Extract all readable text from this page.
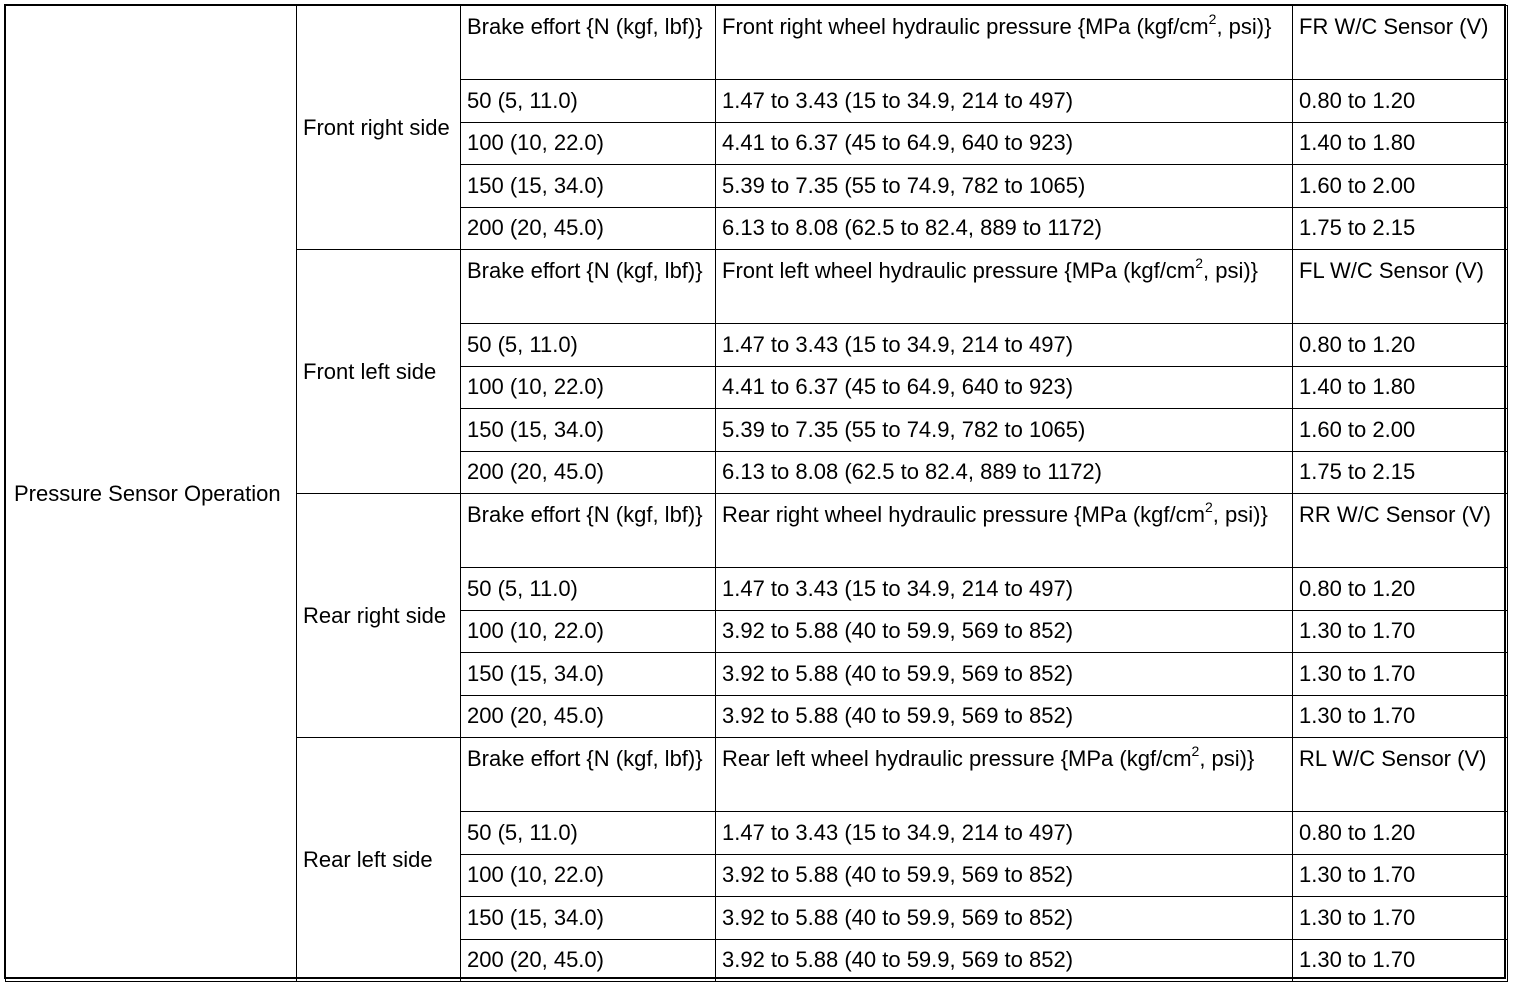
Pressure Sensor Operation	Front right side	Brake effort {N (kgf, lbf)}	Front right wheel hydraulic pressure {MPa ($kgf/cm^2$, psi)}	FR W/C Sensor (V)
		50 (5, 11.0)	1.47 to 3.43 (15 to 34.9, 214 to 497)	0.80 to 1.20
		100 (10, 22.0)	4.41 to 6.37 (45 to 64.9, 640 to 923)	1.40 to 1.80
		150 (15, 34.0)	5.39 to 7.35 (55 to 74.9, 782 to 1065)	1.60 to 2.00
		200 (20, 45.0)	6.13 to 8.08 (62.5 to 82.4, 889 to 1172)	1.75 to 2.15
	Front left side	Brake effort {N (kgf, lbf)}	Front left wheel hydraulic pressure {MPa ($kgf/cm^2$, psi)}	FL W/C Sensor (V)
		50 (5, 11.0)	1.47 to 3.43 (15 to 34.9, 214 to 497)	0.80 to 1.20
		100 (10, 22.0)	4.41 to 6.37 (45 to 64.9, 640 to 923)	1.40 to 1.80
		150 (15, 34.0)	5.39 to 7.35 (55 to 74.9, 782 to 1065)	1.60 to 2.00
		200 (20, 45.0)	6.13 to 8.08 (62.5 to 82.4, 889 to 1172)	1.75 to 2.15
	Rear right side	Brake effort {N (kgf, lbf)}	Rear right wheel hydraulic pressure {MPa ($kgf/cm^2$, psi)}	RR W/C Sensor (V)
		50 (5, 11.0)	1.47 to 3.43 (15 to 34.9, 214 to 497)	0.80 to 1.20
		100 (10, 22.0)	3.92 to 5.88 (40 to 59.9, 569 to 852)	1.30 to 1.70
		150 (15, 34.0)	3.92 to 5.88 (40 to 59.9, 569 to 852)	1.30 to 1.70
		200 (20, 45.0)	3.92 to 5.88 (40 to 59.9, 569 to 852)	1.30 to 1.70
	Rear left side	Brake effort {N (kgf, lbf)}	Rear left wheel hydraulic pressure {MPa ($kgf/cm^2$, psi)}	RL W/C Sensor (V)
		50 (5, 11.0)	1.47 to 3.43 (15 to 34.9, 214 to 497)	0.80 to 1.20
		100 (10, 22.0)	3.92 to 5.88 (40 to 59.9, 569 to 852)	1.30 to 1.70
		150 (15, 34.0)	3.92 to 5.88 (40 to 59.9, 569 to 852)	1.30 to 1.70
		200 (20, 45.0)	3.92 to 5.88 (40 to 59.9, 569 to 852)	1.30 to 1.70
